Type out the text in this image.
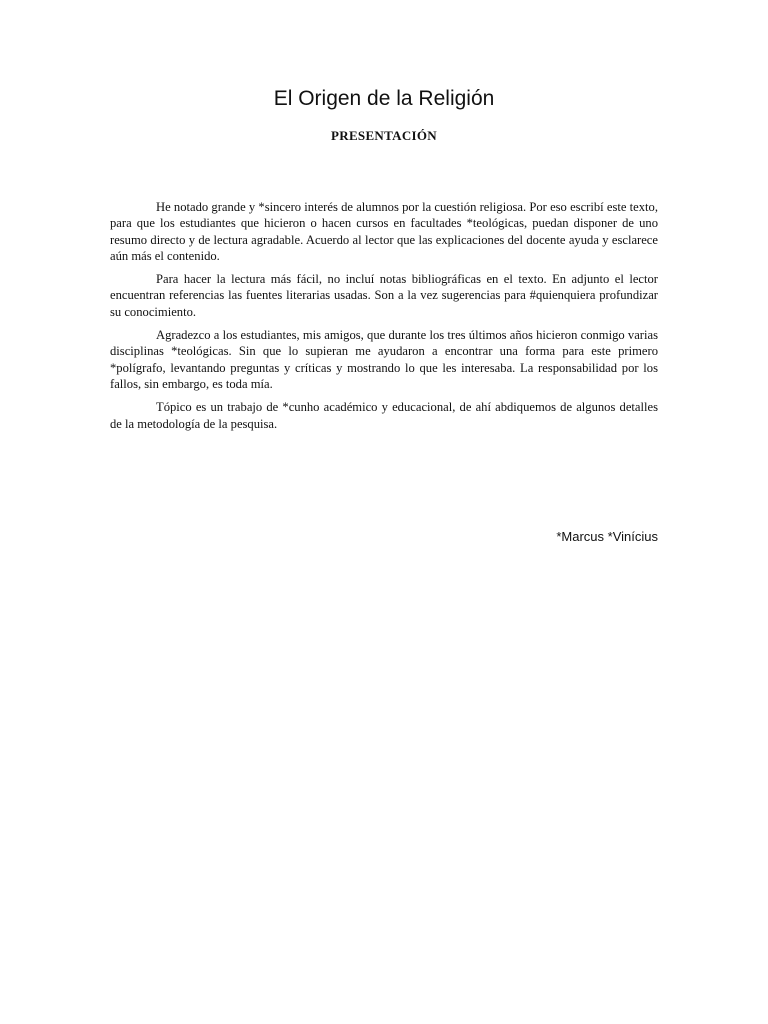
El Origen de la Religión
PRESENTACIÓN

He notado grande y *sincero interés de alumnos por la cuestión religiosa. Por eso escribí este texto, para que los estudiantes que hicieron o hacen cursos en facultades *teológicas, puedan disponer de uno resumo directo y de lectura agradable. Acuerdo al lector que las explicaciones del docente ayuda y esclarece aún más el contenido.

Para hacer la lectura más fácil, no incluí notas bibliográficas en el texto. En adjunto el lector encuentran referencias las fuentes literarias usadas. Son a la vez sugerencias para #quienquiera profundizar su conocimiento.

Agradezco a los estudiantes, mis amigos, que durante los tres últimos años hicieron conmigo varias disciplinas *teológicas. Sin que lo supieran me ayudaron a encontrar una forma para este primero *polígrafo, levantando preguntas y críticas y mostrando lo que les interesaba. La responsabilidad por los fallos, sin embargo, es toda mía.

Tópico es un trabajo de *cunho académico y educacional, de ahí abdiquemos de algunos detalles de la metodología de la pesquisa.

*Marcus *Vinícius
